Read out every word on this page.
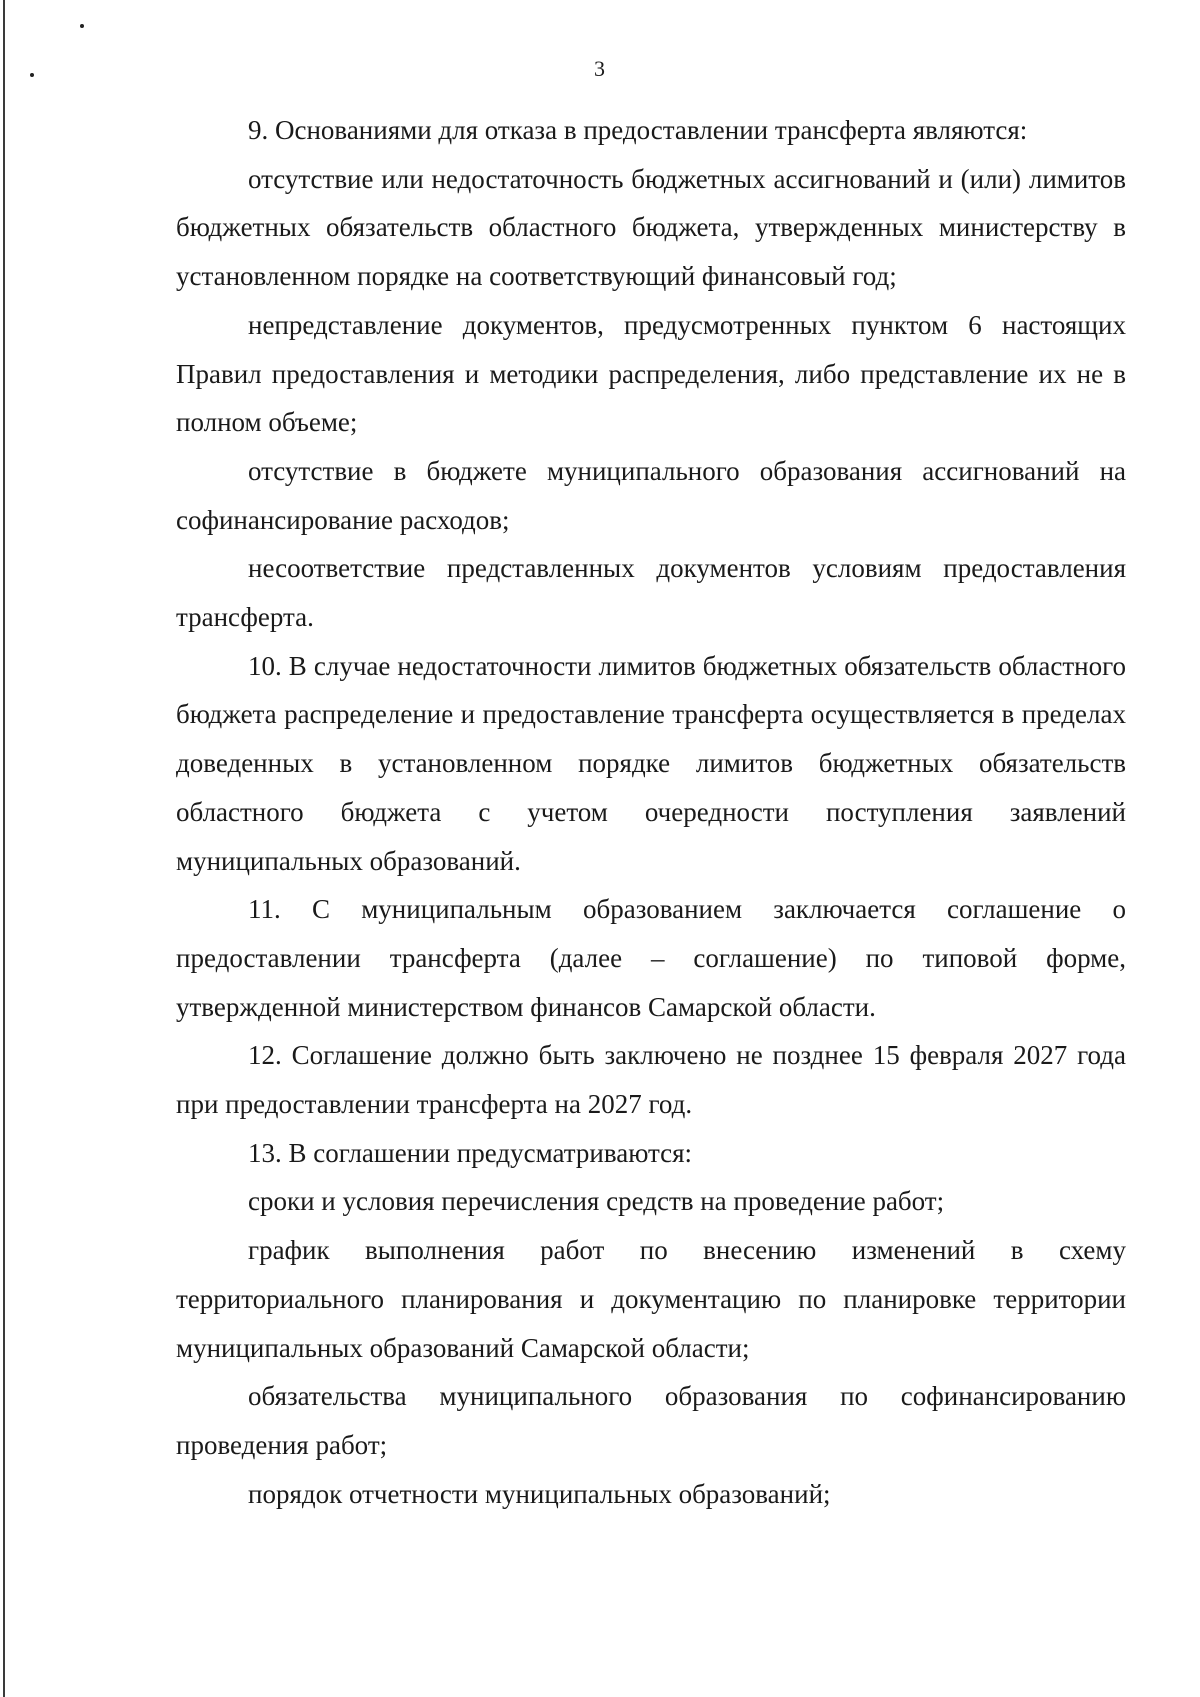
3

9. Основаниями для отказа в предоставлении трансферта являются:

отсутствие или недостаточность бюджетных ассигнований и (или) лимитов бюджетных обязательств областного бюджета, утвержденных министерству в установленном порядке на соответствующий финансовый год;

непредставление документов, предусмотренных пунктом 6 настоящих Правил предоставления и методики распределения, либо представление их не в полном объеме;

отсутствие в бюджете муниципального образования ассигнований на софинансирование расходов;

несоответствие представленных документов условиям предоставления трансферта.

10. В случае недостаточности лимитов бюджетных обязательств областного бюджета распределение и предоставление трансферта осуществляется в пределах доведенных в установленном порядке лимитов бюджетных обязательств областного бюджета с учетом очередности поступления заявлений муниципальных образований.

11. С муниципальным образованием заключается соглашение о предоставлении трансферта (далее – соглашение) по типовой форме, утвержденной министерством финансов Самарской области.

12. Соглашение должно быть заключено не позднее 15 февраля 2027 года при предоставлении трансферта на 2027 год.

13. В соглашении предусматриваются:

сроки и условия перечисления средств на проведение работ;

график выполнения работ по внесению изменений в схему территориального планирования и документацию по планировке территории муниципальных образований Самарской области;

обязательства муниципального образования по софинансированию проведения работ;

порядок отчетности муниципальных образований;
